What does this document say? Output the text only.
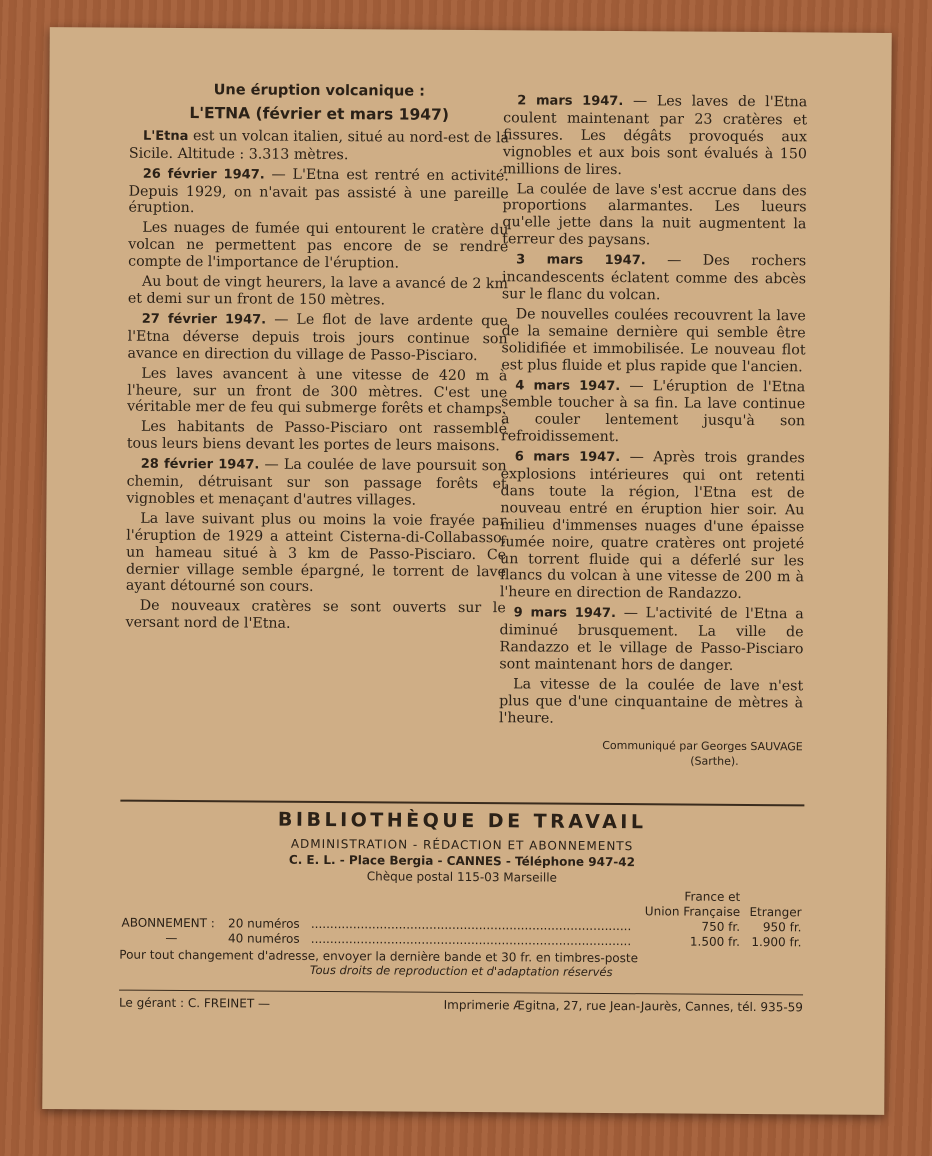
Une éruption volcanique :

L'ETNA (février et mars 1947)

L'Etna est un volcan italien, situé au nord-est de la Sicile. Altitude : 3.313 mètres.

26 février 1947. — L'Etna est rentré en activité. Depuis 1929, on n'avait pas assisté à une pareille éruption.

Les nuages de fumée qui entourent le cratère du volcan ne permettent pas encore de se rendre compte de l'importance de l'éruption.

Au bout de vingt heurers, la lave a avancé de 2 km et demi sur un front de 150 mètres.

27 février 1947. — Le flot de lave ardente que l'Etna déverse depuis trois jours continue son avance en direction du village de Passo-Pisciaro.

Les laves avancent à une vitesse de 420 m à l'heure, sur un front de 300 mètres. C'est une véritable mer de feu qui submerge forêts et champs.

Les habitants de Passo-Pisciaro ont rassemblé tous leurs biens devant les portes de leurs maisons.

28 février 1947. — La coulée de lave poursuit son chemin, détruisant sur son passage forêts et vignobles et menaçant d'autres villages.

La lave suivant plus ou moins la voie frayée par l'éruption de 1929 a atteint Cisterna-di-Collabasso, un hameau situé à 3 km de Passo-Pisciaro. Ce dernier village semble épargné, le torrent de lave ayant détourné son cours.

De nouveaux cratères se sont ouverts sur le versant nord de l'Etna.

2 mars 1947. — Les laves de l'Etna coulent maintenant par 23 cratères et fissures. Les dégâts provoqués aux vignobles et aux bois sont évalués à 150 millions de lires.

La coulée de lave s'est accrue dans des proportions alarmantes. Les lueurs qu'elle jette dans la nuit augmentent la terreur des paysans.

3 mars 1947. — Des rochers incandescents éclatent comme des abcès sur le flanc du volcan.

De nouvelles coulées recouvrent la lave de la semaine dernière qui semble être solidifiée et immobilisée. Le nouveau flot est plus fluide et plus rapide que l'ancien.

4 mars 1947. — L'éruption de l'Etna semble toucher à sa fin. La lave continue à couler lentement jusqu'à son refroidissement.

6 mars 1947. — Après trois grandes explosions intérieures qui ont retenti dans toute la région, l'Etna est de nouveau entré en éruption hier soir. Au milieu d'immenses nuages d'une épaisse fumée noire, quatre cratères ont projeté un torrent fluide qui a déferlé sur les flancs du volcan à une vitesse de 200 m à l'heure en direction de Randazzo.

9 mars 1947. — L'activité de l'Etna a diminué brusquement. La ville de Randazzo et le village de Passo-Pisciaro sont maintenant hors de danger.

La vitesse de la coulée de lave n'est plus que d'une cinquantaine de mètres à l'heure.

Communiqué par Georges SAUVAGE
(Sarthe).

BIBLIOTHÈQUE DE TRAVAIL

ADMINISTRATION - RÉDACTION ET ABONNEMENTS

C. E. L. - Place Bergia - CANNES - Téléphone 947-42

Chèque postal 115-03 Marseille

			France et
Union Française	Etranger
ABONNEMENT :	20 numéros	....................................................................................	750 fr.	950 fr.
—	40 numéros	....................................................................................	1.500 fr.	1.900 fr.
Pour tout changement d'adresse, envoyer la dernière bande et 30 fr. en timbres-poste
Tous droits de reproduction et d'adaptation réservés
Le gérant : C. FREINET —	Imprimerie Ægitna, 27, rue Jean-Jaurès, Cannes, tél. 935-59
